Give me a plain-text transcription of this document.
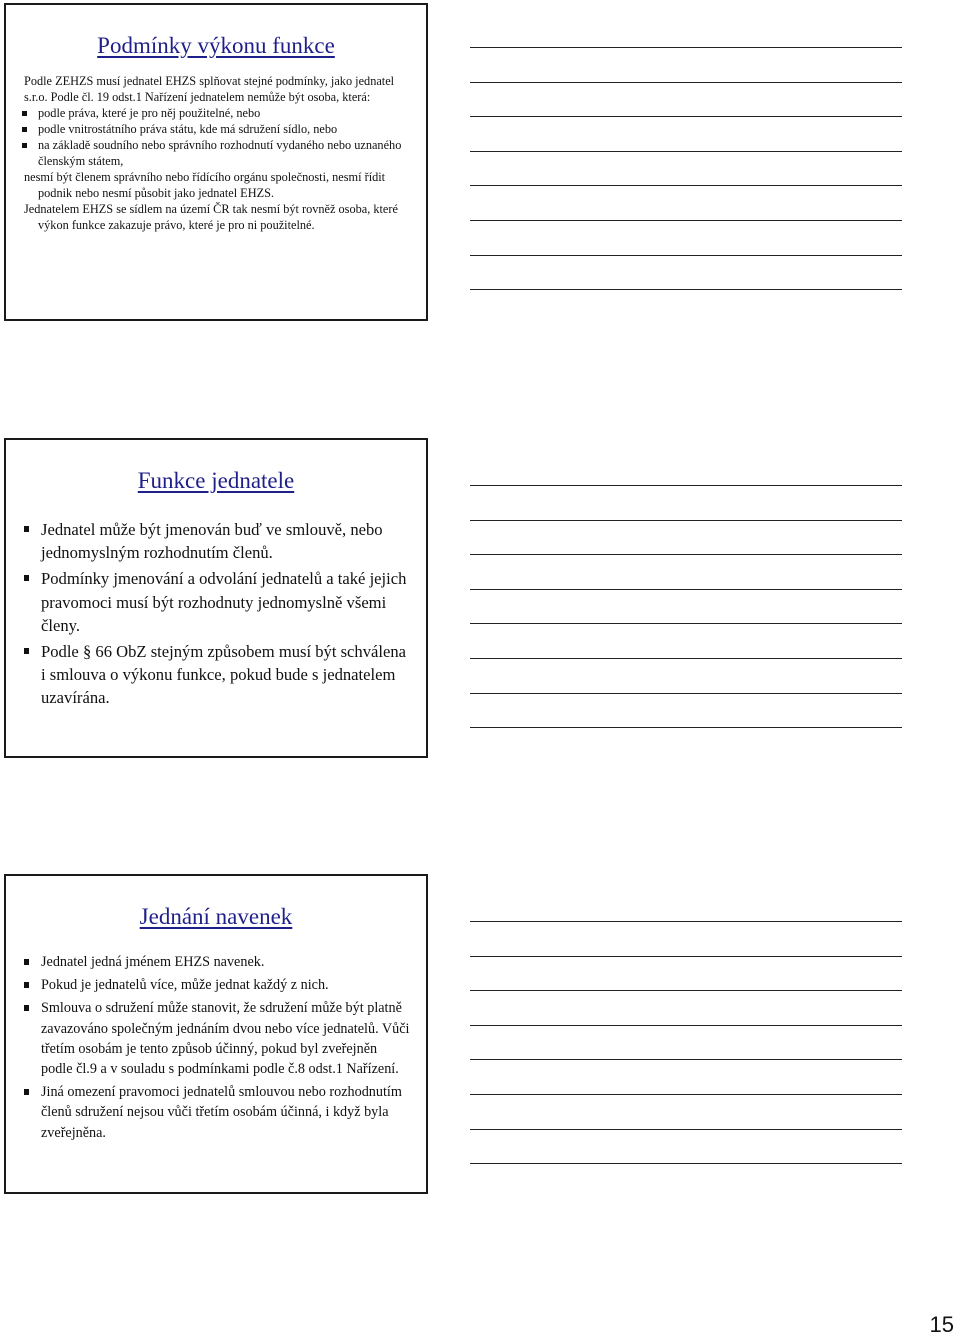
Podmínky výkonu funkce

Podle ZEHZS musí jednatel EHZS splňovat stejné podmínky, jako jednatel s.r.o. Podle čl. 19 odst.1 Nařízení jednatelem nemůže být osoba, která:

podle práva, které je pro něj použitelné, nebo
podle vnitrostátního práva státu, kde má sdružení sídlo, nebo
na základě soudního nebo správního rozhodnutí vydaného nebo uznaného členským státem,

nesmí být členem správního nebo řídícího orgánu společnosti, nesmí řídit podnik nebo nesmí působit jako jednatel EHZS.

Jednatelem EHZS se sídlem na území ČR tak nesmí být rovněž osoba, které výkon funkce zakazuje právo, které je pro ni použitelné.

Funkce jednatele
Jednatel může být jmenován buď ve smlouvě, nebo jednomyslným rozhodnutím členů.
Podmínky jmenování a odvolání jednatelů a také jejich pravomoci musí být rozhodnuty jednomyslně všemi členy.
Podle § 66 ObZ stejným způsobem musí být schválena i smlouva o výkonu funkce, pokud bude s jednatelem uzavírána.
Jednání navenek
Jednatel jedná jménem EHZS navenek.
Pokud je jednatelů více, může jednat každý z nich.
Smlouva o sdružení může stanovit, že sdružení může být platně zavazováno společným jednáním dvou nebo více jednatelů. Vůči třetím osobám je tento způsob účinný, pokud byl zveřejněn podle čl.9 a v souladu s podmínkami podle č.8 odst.1 Nařízení.
Jiná omezení pravomoci jednatelů smlouvou nebo rozhodnutím členů sdružení nejsou vůči třetím osobám účinná, i když byla zveřejněna.
15
